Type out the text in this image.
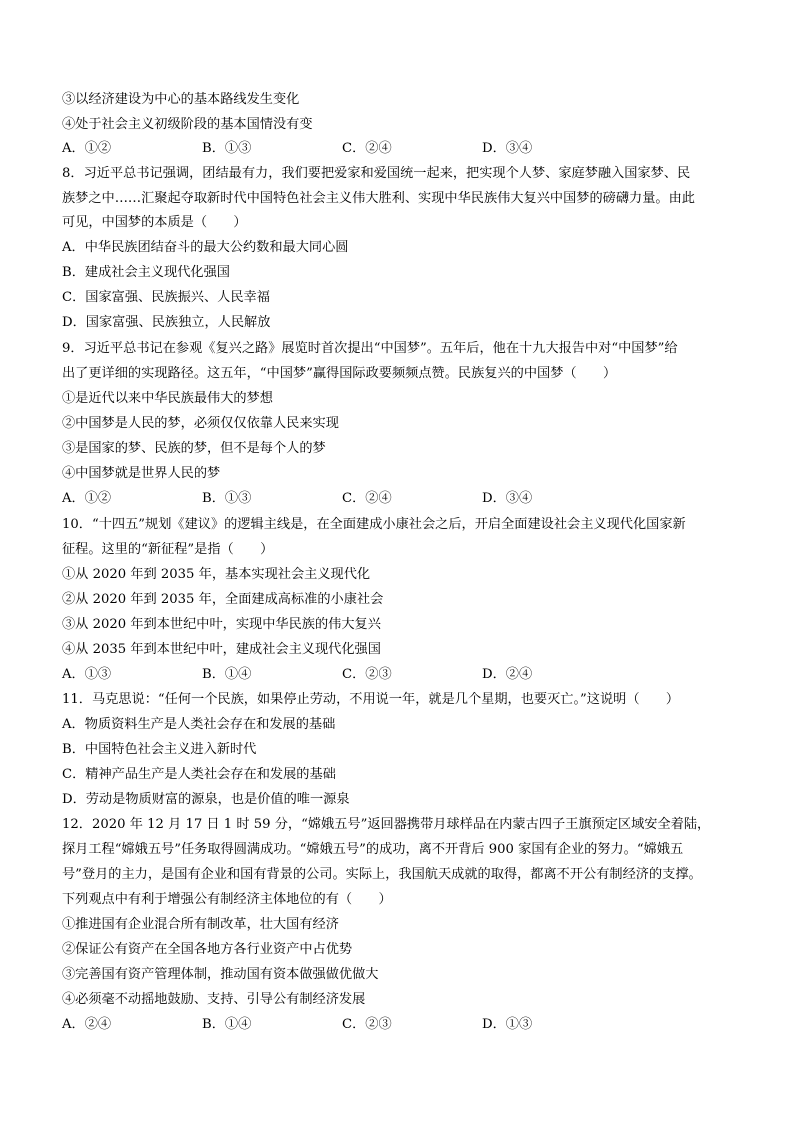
③以经济建设为中心的基本路线发生变化
④处于社会主义初级阶段的基本国情没有变
A．①②	B．①③	C．②④	D．③④
8．习近平总书记强调，团结最有力，我们要把爱家和爱国统一起来，把实现个人梦、家庭梦融入国家梦、民
族梦之中……汇聚起夺取新时代中国特色社会主义伟大胜利、实现中华民族伟大复兴中国梦的磅礴力量。由此
可见，中国梦的本质是（　　）
A．中华民族团结奋斗的最大公约数和最大同心圆
B．建成社会主义现代化强国
C．国家富强、民族振兴、人民幸福
D．国家富强、民族独立，人民解放
9．习近平总书记在参观《复兴之路》展览时首次提出“中国梦”。五年后，他在十九大报告中对“中国梦”给
出了更详细的实现路径。这五年，“中国梦”赢得国际政要频频点赞。民族复兴的中国梦（　　）
①是近代以来中华民族最伟大的梦想
②中国梦是人民的梦，必须仅仅依靠人民来实现
③是国家的梦、民族的梦，但不是每个人的梦
④中国梦就是世界人民的梦
A．①②	B．①③	C．②④	D．③④
10．“十四五”规划《建议》的逻辑主线是，在全面建成小康社会之后，开启全面建设社会主义现代化国家新
征程。这里的“新征程”是指（　　）
①从 2020 年到 2035 年，基本实现社会主义现代化
②从 2020 年到 2035 年，全面建成高标准的小康社会
③从 2020 年到本世纪中叶，实现中华民族的伟大复兴
④从 2035 年到本世纪中叶，建成社会主义现代化强国
A．①③	B．①④	C．②③	D．②④
11．马克思说：“任何一个民族，如果停止劳动，不用说一年，就是几个星期，也要灭亡。”这说明（　　）
A．物质资料生产是人类社会存在和发展的基础
B．中国特色社会主义进入新时代
C．精神产品生产是人类社会存在和发展的基础
D．劳动是物质财富的源泉，也是价值的唯一源泉
12．2020 年 12 月 17 日 1 时 59 分，“嫦娥五号”返回器携带月球样品在内蒙古四子王旗预定区域安全着陆，
探月工程“嫦娥五号”任务取得圆满成功。“嫦娥五号”的成功，离不开背后 900 家国有企业的努力。“嫦娥五
号”登月的主力，是国有企业和国有背景的公司。实际上，我国航天成就的取得，都离不开公有制经济的支撑。
下列观点中有利于增强公有制经济主体地位的有（　　）
①推进国有企业混合所有制改革，壮大国有经济
②保证公有资产在全国各地方各行业资产中占优势
③完善国有资产管理体制，推动国有资本做强做优做大
④必须毫不动摇地鼓励、支持、引导公有制经济发展
A．②④	B．①④	C．②③	D．①③
